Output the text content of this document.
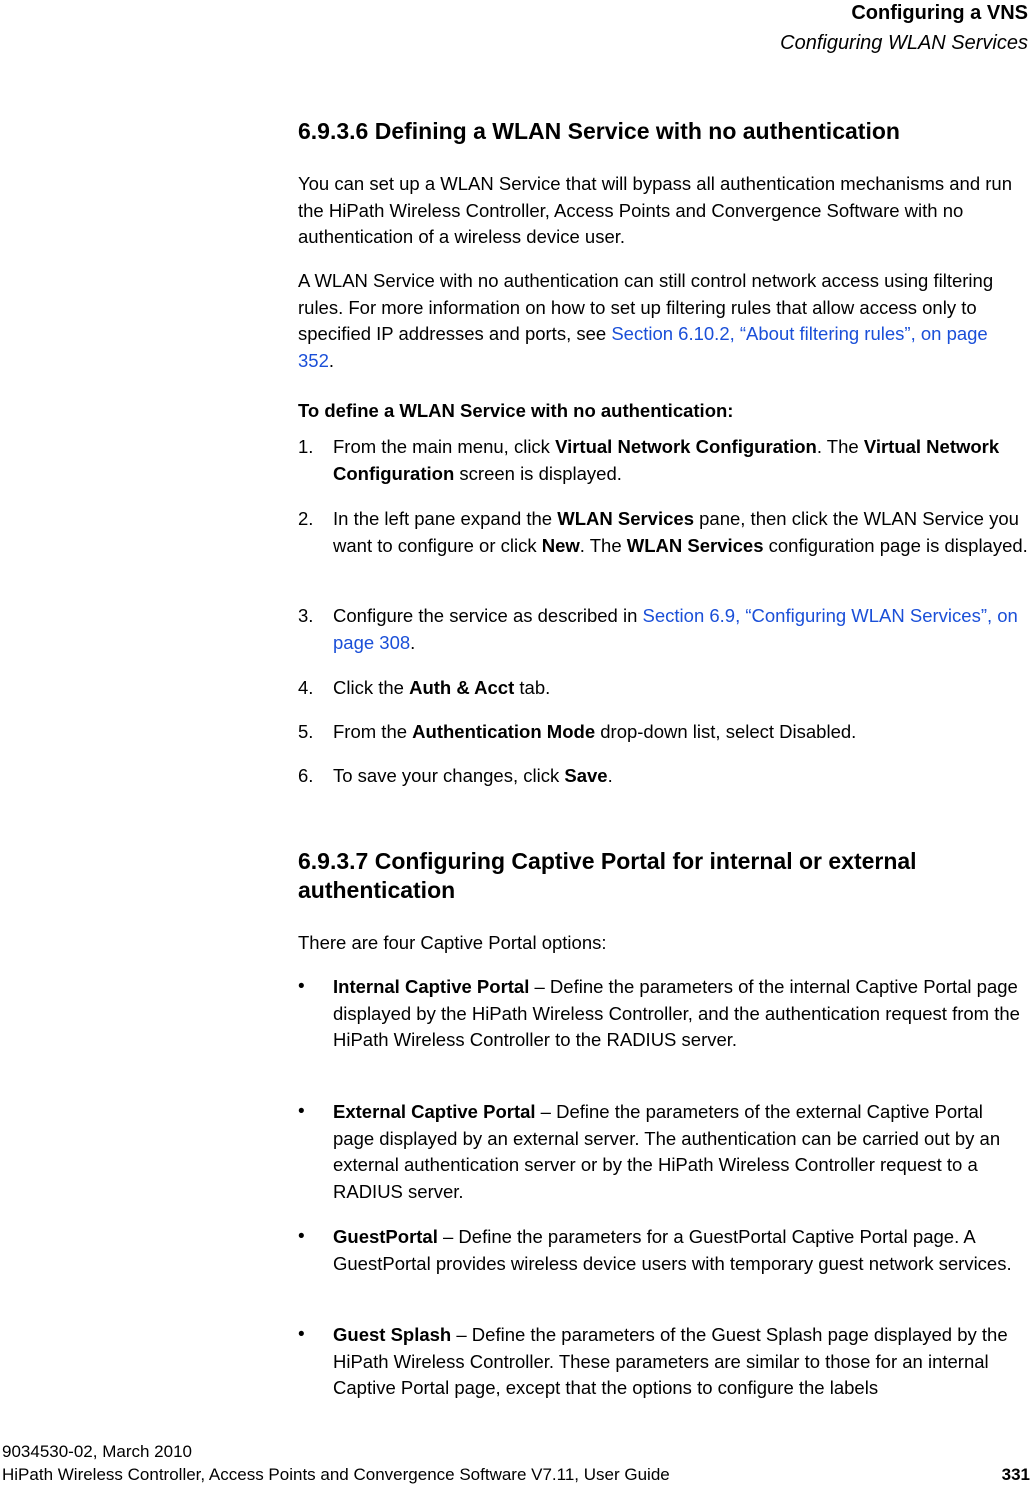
Configuring a VNS
Configuring WLAN Services
6.9.3.6 Defining a WLAN Service with no authentication
You can set up a WLAN Service that will bypass all authentication mechanisms and run the HiPath Wireless Controller, Access Points and Convergence Software with no authentication of a wireless device user.
A WLAN Service with no authentication can still control network access using filtering rules. For more information on how to set up filtering rules that allow access only to specified IP addresses and ports, see Section 6.10.2, “About filtering rules”, on page 352.
To define a WLAN Service with no authentication:
1. From the main menu, click Virtual Network Configuration. The Virtual Network Configuration screen is displayed.
2. In the left pane expand the WLAN Services pane, then click the WLAN Service you want to configure or click New. The WLAN Services configuration page is displayed.
3. Configure the service as described in Section 6.9, “Configuring WLAN Services”, on page 308.
4. Click the Auth & Acct tab.
5. From the Authentication Mode drop-down list, select Disabled.
6. To save your changes, click Save.
6.9.3.7 Configuring Captive Portal for internal or external authentication
There are four Captive Portal options:
• Internal Captive Portal – Define the parameters of the internal Captive Portal page displayed by the HiPath Wireless Controller, and the authentication request from the HiPath Wireless Controller to the RADIUS server.
• External Captive Portal – Define the parameters of the external Captive Portal page displayed by an external server. The authentication can be carried out by an external authentication server or by the HiPath Wireless Controller request to a RADIUS server.
• GuestPortal – Define the parameters for a GuestPortal Captive Portal page. A GuestPortal provides wireless device users with temporary guest network services.
• Guest Splash – Define the parameters of the Guest Splash page displayed by the HiPath Wireless Controller. These parameters are similar to those for an internal Captive Portal page, except that the options to configure the labels
9034530-02, March 2010
HiPath Wireless Controller, Access Points and Convergence Software V7.11, User Guide	331
